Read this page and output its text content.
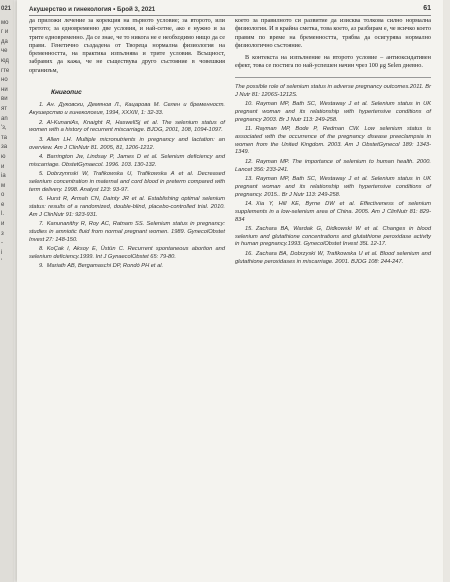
021
мо
г и
да
че
юд
гте
но
ни
ви
ят
an
'з,
та
за
ю
и
ia
м
о
е
l.
и
з
-
і
'
Акушерство и гинекология • Брой 3, 2021	61

да приложи лечение за корекция на първото условие; за второто, или третото; за едновременно две условия, и най-сетне, ако е нужно и за трите едновременно. Да се знае, че то никога не е необходимо нищо да се прави. Генетично създадена от Твореца нормална физиология на бременността, на практика изпълнява и трите условия. Всъщност, забравих да кажа, че не съществува друго състояние в човешкия организъм,

Книгопис
1. Ан. Дуковски, Демянов Л., Кацарова М. Селен и бременност. Акушерство и гинекология, 1994, XXXIII, 1: 32-33.
2. Al-KunaniAs, Knaight R, HaswellSj et al. The selenium status of women with a history of recurrent miscarriage. BJOG, 2001, 108, 1094-1097.
3. Allen LH. Multiple micronutrients in pregnancy and lactation: an overview. Am J ClinNutr 81. 2005, 81, 1206-1212.
4. Barrington Jw, Lindsay P, James D et al. Selenium deficiency and miscarriage. ObstetGynaecol. 1996. 103. 130-132.
5. Dobrzynnski W, Trafikowska U, Trafikowska A et al. Decreased selenium concentration in maternal and cord blood in preterm compared with term delivery. 1998. Analyst 123: 93-97.
6. Hurst R, Armah CN, Dainty JR et al. Establishing optimal selenium status: results of a randomized, double-blind, placebo-controlled trial. 2010. Am J ClinNutr 91: 923-931.
7. Kanunanithy R, Roy AC, Ratnam SS. Selenium status in pregnancy: studies in amniotic fluid from normal pregnant women. 1989. GynecolObstet Invest 27: 148-150.
8. KoÇak I, Aksoy E, Üstün C. Recurrent spontaneous abortion and selenium deficiency.1999. Int J GynaecolObstet 65: 79-80.
9. Mariath AB, Bergamaschi DP, Rondó PH et al.

което за правилното си развитие да изисква толкова силно нормална физиология. И в крайна сметка, това което, аз разбирам е, че всичко което правим по време на бременността, трябва да осигурява нормално физиологично състояние.

В контекста на изпълнение на второто условие – антиоксидативен ефект, това се постига по най-успешен начин чрез 100 μg Selen дневно.

The possible role of selenium status in adverse pregnancy outcomes.2011. Br J Nutr 81: 1206S-1212S.

10. Rayman MP, Bath SC, Westaway J et al. Selenium status in UK pregnant woman and its relationship with hypertensive conditions of pregnancy 2003. Br J Nutr 113: 249-258.
11. Rayman MP, Bode P, Redman CW. Low selenium status is associated with the occurrence of the pregnancy disease preeclampsia in women from the United Kingdom. 2003. Am J ObstetGynecol 189: 1343-1349.
12. Rayman MP. The importance of selenium to human health. 2000. Lancet 356: 233-241.
13. Rayman MP, Bath SC, Westaway J et al. Selenium status in UK pregnant woman and its relationship with hypertensive conditions of pregnancy. 2015.. Br J Nutr 113: 249-258.
14. Xia Y, Hill KE, Byrne DW et al. Effectiveness of selenium supplements in a low-selenium area of China. 2005. Am J ClinNutr 81: 829-834
15. Zachara BA, Wardak G, Didkowski W et al. Changes in blood selenium and glutathione concentrations and glutathione peroxidase activity in human pregnancy.1993. GynecolObstet Invest 35L 12-17.
16. Zachara BA, Dobrzyski W, Trafikowska U et al. Blood selenium and glutathione peroxidases in miscarriage. 2001. BJOG 108: 244-247.
